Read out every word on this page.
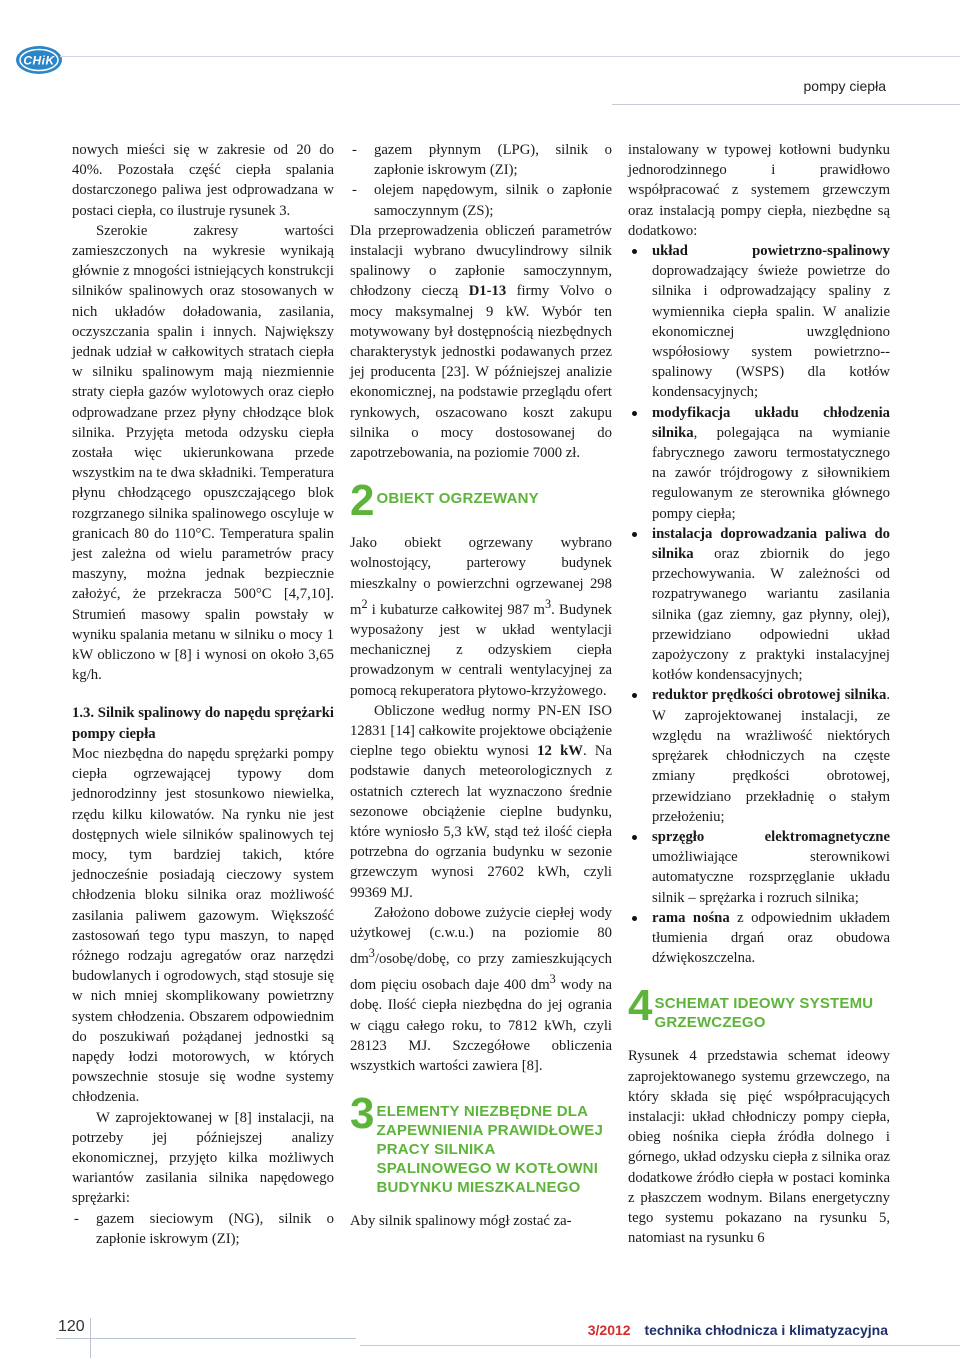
CHiK
pompy ciepła

nowych mieści się w zakresie od 20 do 40%. Pozostała część ciepła spalania dostarczonego paliwa jest odprowadzana w postaci ciepła, co ilustruje rysunek 3.

Szerokie zakresy wartości zamieszczonych na wykresie wynikają głównie z mnogości istniejących konstrukcji silników spalinowych oraz stosowanych w nich układów doładowania, zasilania, oczyszczania spalin i innych. Największy jednak udział w całkowitych stratach ciepła w silniku spalinowym mają niezmiennie straty ciepła gazów wylotowych oraz ciepło odprowadzane przez płyny chłodzące blok silnika. Przyjęta metoda odzysku ciepła została więc ukierunkowana przede wszystkim na te dwa składniki. Temperatura płynu chłodzącego opuszczającego blok rozgrzanego silnika spalinowego oscyluje w granicach 80 do 110°C. Temperatura spalin jest zależna od wielu parametrów pracy maszyny, można jednak bezpiecznie założyć, że przekracza 500°C [4,7,10]. Strumień masowy spalin powstały w wyniku spalania metanu w silniku o mocy 1 kW obliczono w [8] i wynosi on około 3,65 kg/h.

1.3. Silnik spalinowy do napędu sprężarki pompy ciepła

Moc niezbędna do napędu sprężarki pompy ciepła ogrzewającej typowy dom jednorodzinny jest stosunkowo niewielka, rzędu kilku kilowatów. Na rynku nie jest dostępnych wiele silników spalinowych tej mocy, tym bardziej takich, które jednocześnie posiadają cieczowy system chłodzenia bloku silnika oraz możliwość zasilania paliwem gazowym. Większość zastosowań tego typu maszyn, to napęd różnego rodzaju agregatów oraz narzędzi budowlanych i ogrodowych, stąd stosuje się w nich mniej skomplikowany powietrzny system chłodzenia. Obszarem odpowiednim do poszukiwań pożądanej jednostki są napędy łodzi motorowych, w których powszechnie stosuje się wodne systemy chłodzenia.

W zaprojektowanej w [8] instalacji, na potrzeby jej późniejszej analizy ekonomicznej, przyjęto kilka możliwych wariantów zasilania silnika napędowego sprężarki:

- gazem sieciowym (NG), silnik o zapłonie iskrowym (ZI);
- gazem płynnym (LPG), silnik o zapłonie iskrowym (ZI);
- olejem napędowym, silnik o zapłonie samoczynnym (ZS);

Dla przeprowadzenia obliczeń parametrów instalacji wybrano dwucylindrowy silnik spalinowy o zapłonie samoczynnym, chłodzony cieczą D1-13 firmy Volvo o mocy maksymalnej 9 kW. Wybór ten motywowany był dostępnością niezbędnych charakterystyk jednostki podawanych przez jej producenta [23]. W późniejszej analizie ekonomicznej, na podstawie przeglądu ofert rynkowych, oszacowano koszt zakupu silnika o mocy dostosowanej do zapotrzebowania, na poziomie 7000 zł.

2 OBIEKT OGRZEWANY

Jako obiekt ogrzewany wybrano wolnostojący, parterowy budynek mieszkalny o powierzchni ogrzewanej 298 $m^2$ i kubaturze całkowitej 987 $m^3$. Budynek wyposażony jest w układ wentylacji mechanicznej z odzyskiem ciepła prowadzonym w centrali wentylacyjnej za pomocą rekuperatora płytowo-krzyżowego.

Obliczone według normy PN-EN ISO 12831 [14] całkowite projektowe obciążenie cieplne tego obiektu wynosi 12 kW. Na podstawie danych meteorologicznych z ostatnich czterech lat wyznaczono średnie sezonowe obciążenie cieplne budynku, które wyniosło 5,3 kW, stąd też ilość ciepła potrzebna do ogrzania budynku w sezonie grzewczym wynosi 27602 kWh, czyli 99369 MJ.

Założono dobowe zużycie ciepłej wody użytkowej (c.w.u.) na poziomie 80 $dm^3/osobę$/dobę, co przy zamieszkujących dom pięciu osobach daje 400 $dm^3$ wody na dobę. Ilość ciepła niezbędna do jej ograniа w ciągu całego roku, to 7812 kWh, czyli 28123 MJ. Szczegółowe obliczenia wszystkich wartości zawiera [8].

3 ELEMENTY NIEZBĘDNE DLA ZAPEWNIENIA PRAWIDŁOWEJ PRACY SILNIKA SPALINOWEGO W KOTŁOWNI BUDYNKU MIESZKALNEGO

Aby silnik spalinowy mógł zostać za-

instalowany w typowej kotłowni budynku jednorodzinnego i prawidłowo współpracować z systemem grzewczym oraz instalacją pompy ciepła, niezbędne są dodatkowo:

układ powietrzno-spalinowy doprowadzający świeże powietrze do silnika i odprowadzający spaliny z wymiennika ciepła spalin. W analizie ekonomicznej uwzględniono współosiowy system powietrzno--spalinowy (WSPS) dla kotłów kondensacyjnych;
modyfikacja układu chłodzenia silnika, polegająca na wymianie fabrycznego zaworu termostatycznego na zawór trójdrogowy z siłownikiem regulowanym ze sterownika głównego pompy ciepła;
instalacja doprowadzania paliwa do silnika oraz zbiornik do jego przechowywania. W zależności od rozpatrywanego wariantu zasilania silnika (gaz ziemny, gaz płynny, olej), przewidziano odpowiedni układ zapożyczony z praktyki instalacyjnej kotłów kondensacyjnych;
reduktor prędkości obrotowej silnika. W zaprojektowanej instalacji, ze względu na wrażliwość niektórych sprężarek chłodniczych na częste zmiany prędkości obrotowej, przewidziano przekładnię o stałym przełożeniu;
sprzęgło elektromagnetyczne umożliwiające sterownikowi automatyczne rozsprzęglanie układu silnik – sprężarka i rozruch silnika;
rama nośna z odpowiednim układem tłumienia drgań oraz obudowa dźwiękoszczelna.
4 SCHEMAT IDEOWY SYSTEMU GRZEWCZEGO

Rysunek 4 przedstawia schemat ideowy zaprojektowanego systemu grzewczego, na który składa się pięć współpracujących instalacji: układ chłodniczy pompy ciepła, obieg nośnika ciepła źródła dolnego i górnego, układ odzysku ciepła z silnika oraz dodatkowe źródło ciepła w postaci kominka z płaszczem wodnym. Bilans energetyczny tego systemu pokazano na rysunku 5, natomiast na rysunku 6

120	3/2012 technika chłodnicza i klimatyzacyjna
